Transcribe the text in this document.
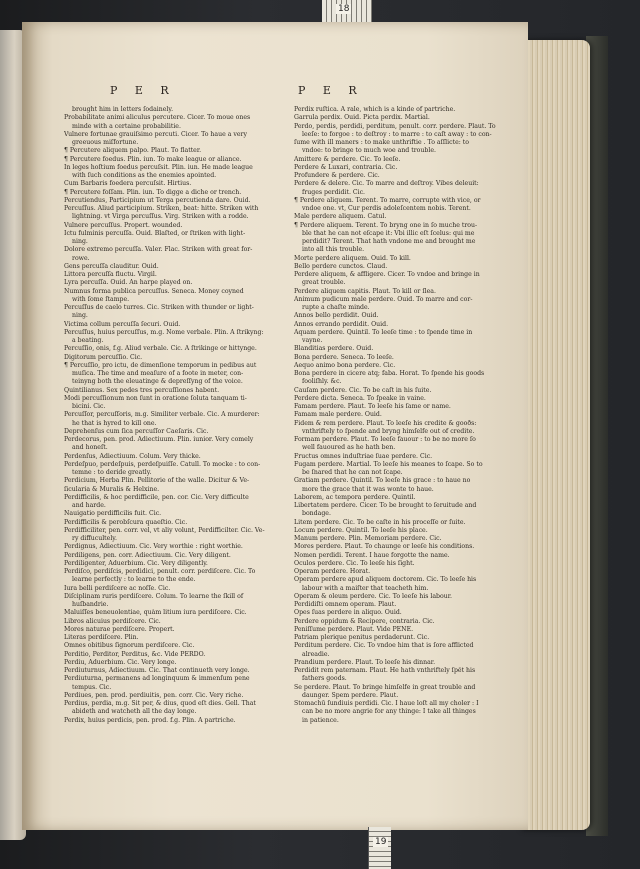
18
P E R	P E R
brought him in letters ſodainely.
Probabilitate animi aliculus percutere. Cicer. To moue ones
minde with a certaine probabilitie.
Vulnere fortunae grauiſsimo percuti. Cicer. To haue a very
greeuous miſfortune.
¶ Percutere aliquem palpo. Plaut. To flatter.
¶ Percutere foedus. Plin. iun. To make league or aliance.
In leges hoſtium foedus percuſsit. Plin. iun. He made league
with ſuch conditions as the enemies apointed.
Cum Barbaris foedera percuſsit. Hirtius.
¶ Percutere foſſam. Plin. iun. To digge a diche or trench.
Percutiendus, Participium ut Terga percutienda dare. Ouid.
Percuſſus. Aliud participium. Striken, beat: hitte. Striken with
lightning. vt Virga percuſſus. Virg. Striken with a rodde.
Vulnere percuſſus. Propert. wounded.
Ictu fulminis percuſſa. Ouid. Blaſted, or ſtriken with light-
ning.
Dolore extremo percuſſa. Valer. Flac. Striken with great for-
rowe.
Gens percuſſa clauditur. Ouid.
Littora percuſſa fluctu. Virgil.
Lyra percuſſa. Ouid. An harpe played on.
Numnus forma publica percuſſus. Seneca. Money coyned
with ſome ſtampe.
Percuſſus de caelo turres. Cic. Striken with thunder or light-
ning.
Victima collum percuſſa ſecuri. Ouid.
Percuſſus, huius percuſſus, m.g. Nome verbale. Plin. A ſtrikyng:
a beating.
Percuſſio, onis, f.g. Aliud verbale. Cic. A ſtrikinge or hittynge.
Digitorum percuſſio. Cic.
¶ Percuſſio, pro ictu, de dimenſione temporum in pedibus aut
muſica. The time and meaſure of a foote in meter, con-
teinyng both the eleuatinge & depreſſyng of the voice.
Quintilianus. Sex pedes tres percuſſiones habent.
Modi percuſſionum non ſunt in oratione ſoluta tanquam ti-
bicini. Cic.
Percuſſor, percuſſoris, m.g. Similiter verbale. Cic. A murderer:
he that is hyred to kill one.
Deprehenſus cum ſica percuſſor Caeſaris. Cic.
Perdecorus, pen. prod. Adiectiuum. Plin. iunior. Very comely
and honeſt.
Perdenſus, Adiectiuum. Colum. Very thicke.
Perdeſpuo, perdeſpuis, perdeſpuiſſe. Catull. To mocke : to con-
temne : to deride greatly.
Perdicium, Herba Plin. Pellitorie of the walle. Dicitur & Ve-
ſicularia & Muralis & Helxine.
Perdifficilis, & hoc perdifficile, pen. cor. Cic. Very difficulte
and harde.
Nauigatio perdifficilis fuit. Cic.
Perdifficilis & perobſcura quaeſtio. Cic.
Perdifficiliter, pen. corr. vel, vt aliy volunt, Perdifficilter. Cic. Ve-
ry diffucultely.
Perdignus, Adiectiuum. Cic. Very worthie : right worthie.
Perdiligens, pen. corr. Adiectiuum. Cic. Very diligent.
Perdiligenter, Aduerbium. Cic. Very diligently.
Perdiſco, perdiſcis, perdidici, penult. corr. perdiſcere. Cic. To
learne perfectly : to learne to the ende.
Iura belli perdiſcere ac noſſe. Cic.
Diſciplinam ruris perdiſcere. Colum. To learne the ſkill of
huſbandrie.
Maluiſſes beneuolentiae, quàm litium iura perdiſcere. Cic.
Libros alicuius perdiſcere. Cic.
Mores naturae perdiſcere. Propert.
Literas perdiſcere. Plin.
Omnes obitibus ſignorum perdiſcere. Cic.
Perditio, Perditor, Perditus, &c. Vide PERDO.
Perdiu, Aduerbium. Cic. Very longe.
Perdiuturnus, Adiectiuum. Cic. That continueth very longe.
Perdiuturna, permanens ad longinquum & immenſum pene
tempus. Cic.
Perdiues, pen. prod. perdiuitis, pen. corr. Cic. Very riche.
Perdius, perdia, m.g. Sit per, & dius, quod eſt dies. Gell. That
abideth and watcheth all the day longe.
Perdix, huius perdicis, pen. prod. f.g. Plin. A partriche.
Perdix ruſtica. A rale, which is a kinde of partriche.
Garrula perdix. Ouid. Picta perdix. Martial.
Perdo, perdis, perdidi, perditum, penult. corr. perdere. Plaut. To
leeſe: to forgoe : to deſtroy : to marre : to caſt away : to con-
ſume with ill maners : to make unthriftie . To aſſlicte: to
vndoe: to bringe to much woe and trouble.
Amittere & perdere. Cic. To leeſe.
Perdere & Luxari, contraria. Cic.
Profundere & perdere. Cic.
Perdere & delere. Cic. To marre and deſtroy. Vibes deleuit:
fruges perdidit. Cic.
¶ Perdere aliquem. Terent. To marre, corrupte with vice, or
vndoe one. vt, Cur perdis adoleſcentem nobis. Terent.
Male perdere aliquem. Catul.
¶ Perdere aliquem. Terent. To bryng one in ſo muche trou-
ble that he can not eſcape it: Vbi illic eſt ſcelus: qui me
perdidit? Terent. That hath vndone me and brought me
into all this trouble.
Morte perdere aliquem. Ouid. To kill.
Bello perdere cunctos. Claud.
Perdere aliquem, & affligere. Cicer. To vndoe and bringe in
great trouble.
Perdere aliquem capitis. Plaut. To kill or ſlea.
Animum pudicum male perdere. Ouid. To marre and cor-
rupte a chaſte minde.
Annos bello perdidit. Ouid.
Annos errando perdidit. Ouid.
Aquam perdere. Quintil. To leeſe time : to ſpende time in
vayne.
Blanditias perdere. Ouid.
Bona perdere. Seneca. To leeſe.
Aequo animo bona perdere. Cic.
Bona perdere in cicere atq; faba. Horat. To ſpende his goods
fooliſhly. &c.
Cauſam perdere. Cic. To be caſt in his ſuite.
Perdere dicta. Seneca. To ſpeake in vaine.
Famam perdere. Plaut. To leeſe his ſame or name.
Famam male perdere. Ouid.
Fidem & rem perdere. Plaut. To leeſe his credite & gooðs:
vnthriftely to ſpende and bryng himſelfe out of credite.
Formam perdere. Plaut. To leeſe fauour : to be no more ſo
well fauoured as he hath ben.
Fructus omnes induſtriae ſuae perdere. Cic.
Fugam perdere. Martial. To leeſe his meanes to ſcape. So to
be ſnared that he can not ſcape.
Gratiam perdere. Quintil. To leeſe his grace : to haue no
more the grace that it was wonte to haue.
Laborem, ac tempora perdere. Quintil.
Libertatem perdere. Cicer. To be brought to ſeruitude and
bondage.
Litem perdere. Cic. To be caſte in his proceſſe or ſuite.
Locum perdere. Quintil. To leeſe his place.
Manum perdere. Plin. Memoriam perdere. Cic.
Mores perdere. Plaut. To chaunge or leeſe his conditions.
Nomen perdidi. Terent. I haue forgotte the name.
Oculos perdere. Cic. To leeſe his ſight.
Operam perdere. Horat.
Operam perdere apud aliquem doctorem. Cic. To leeſe his
labour with a maiſter that teacheth him.
Operam & oleum perdere. Cic. To leeſe his labour.
Perdidiſti omnem operam. Plaut.
Opes ſuas perdere in aliquo. Ouid.
Perdere oppidum & Recipere, contraria. Cic.
Peniſſume perdere. Plaut. Vide PENE.
Patriam plerique penitus perdaderunt. Cic.
Perditum perdere. Cic. To vndoe him that is ſore afflicted
alreadie.
Prandium perdere. Plaut. To leeſe his dinnar.
Perdidit rem paternam. Plaut. He hath vnthriftely ſpêt his
fathers goods.
Se perdere. Plaut. To bringe himſelfe in great trouble and
daunger. Spem perdere. Plaut.
Stomachū ſundiuis perdidi. Cic. I haue loſt all my choler : I
can be no more angrie for any thinge: I take all thinges
in patience.
19
